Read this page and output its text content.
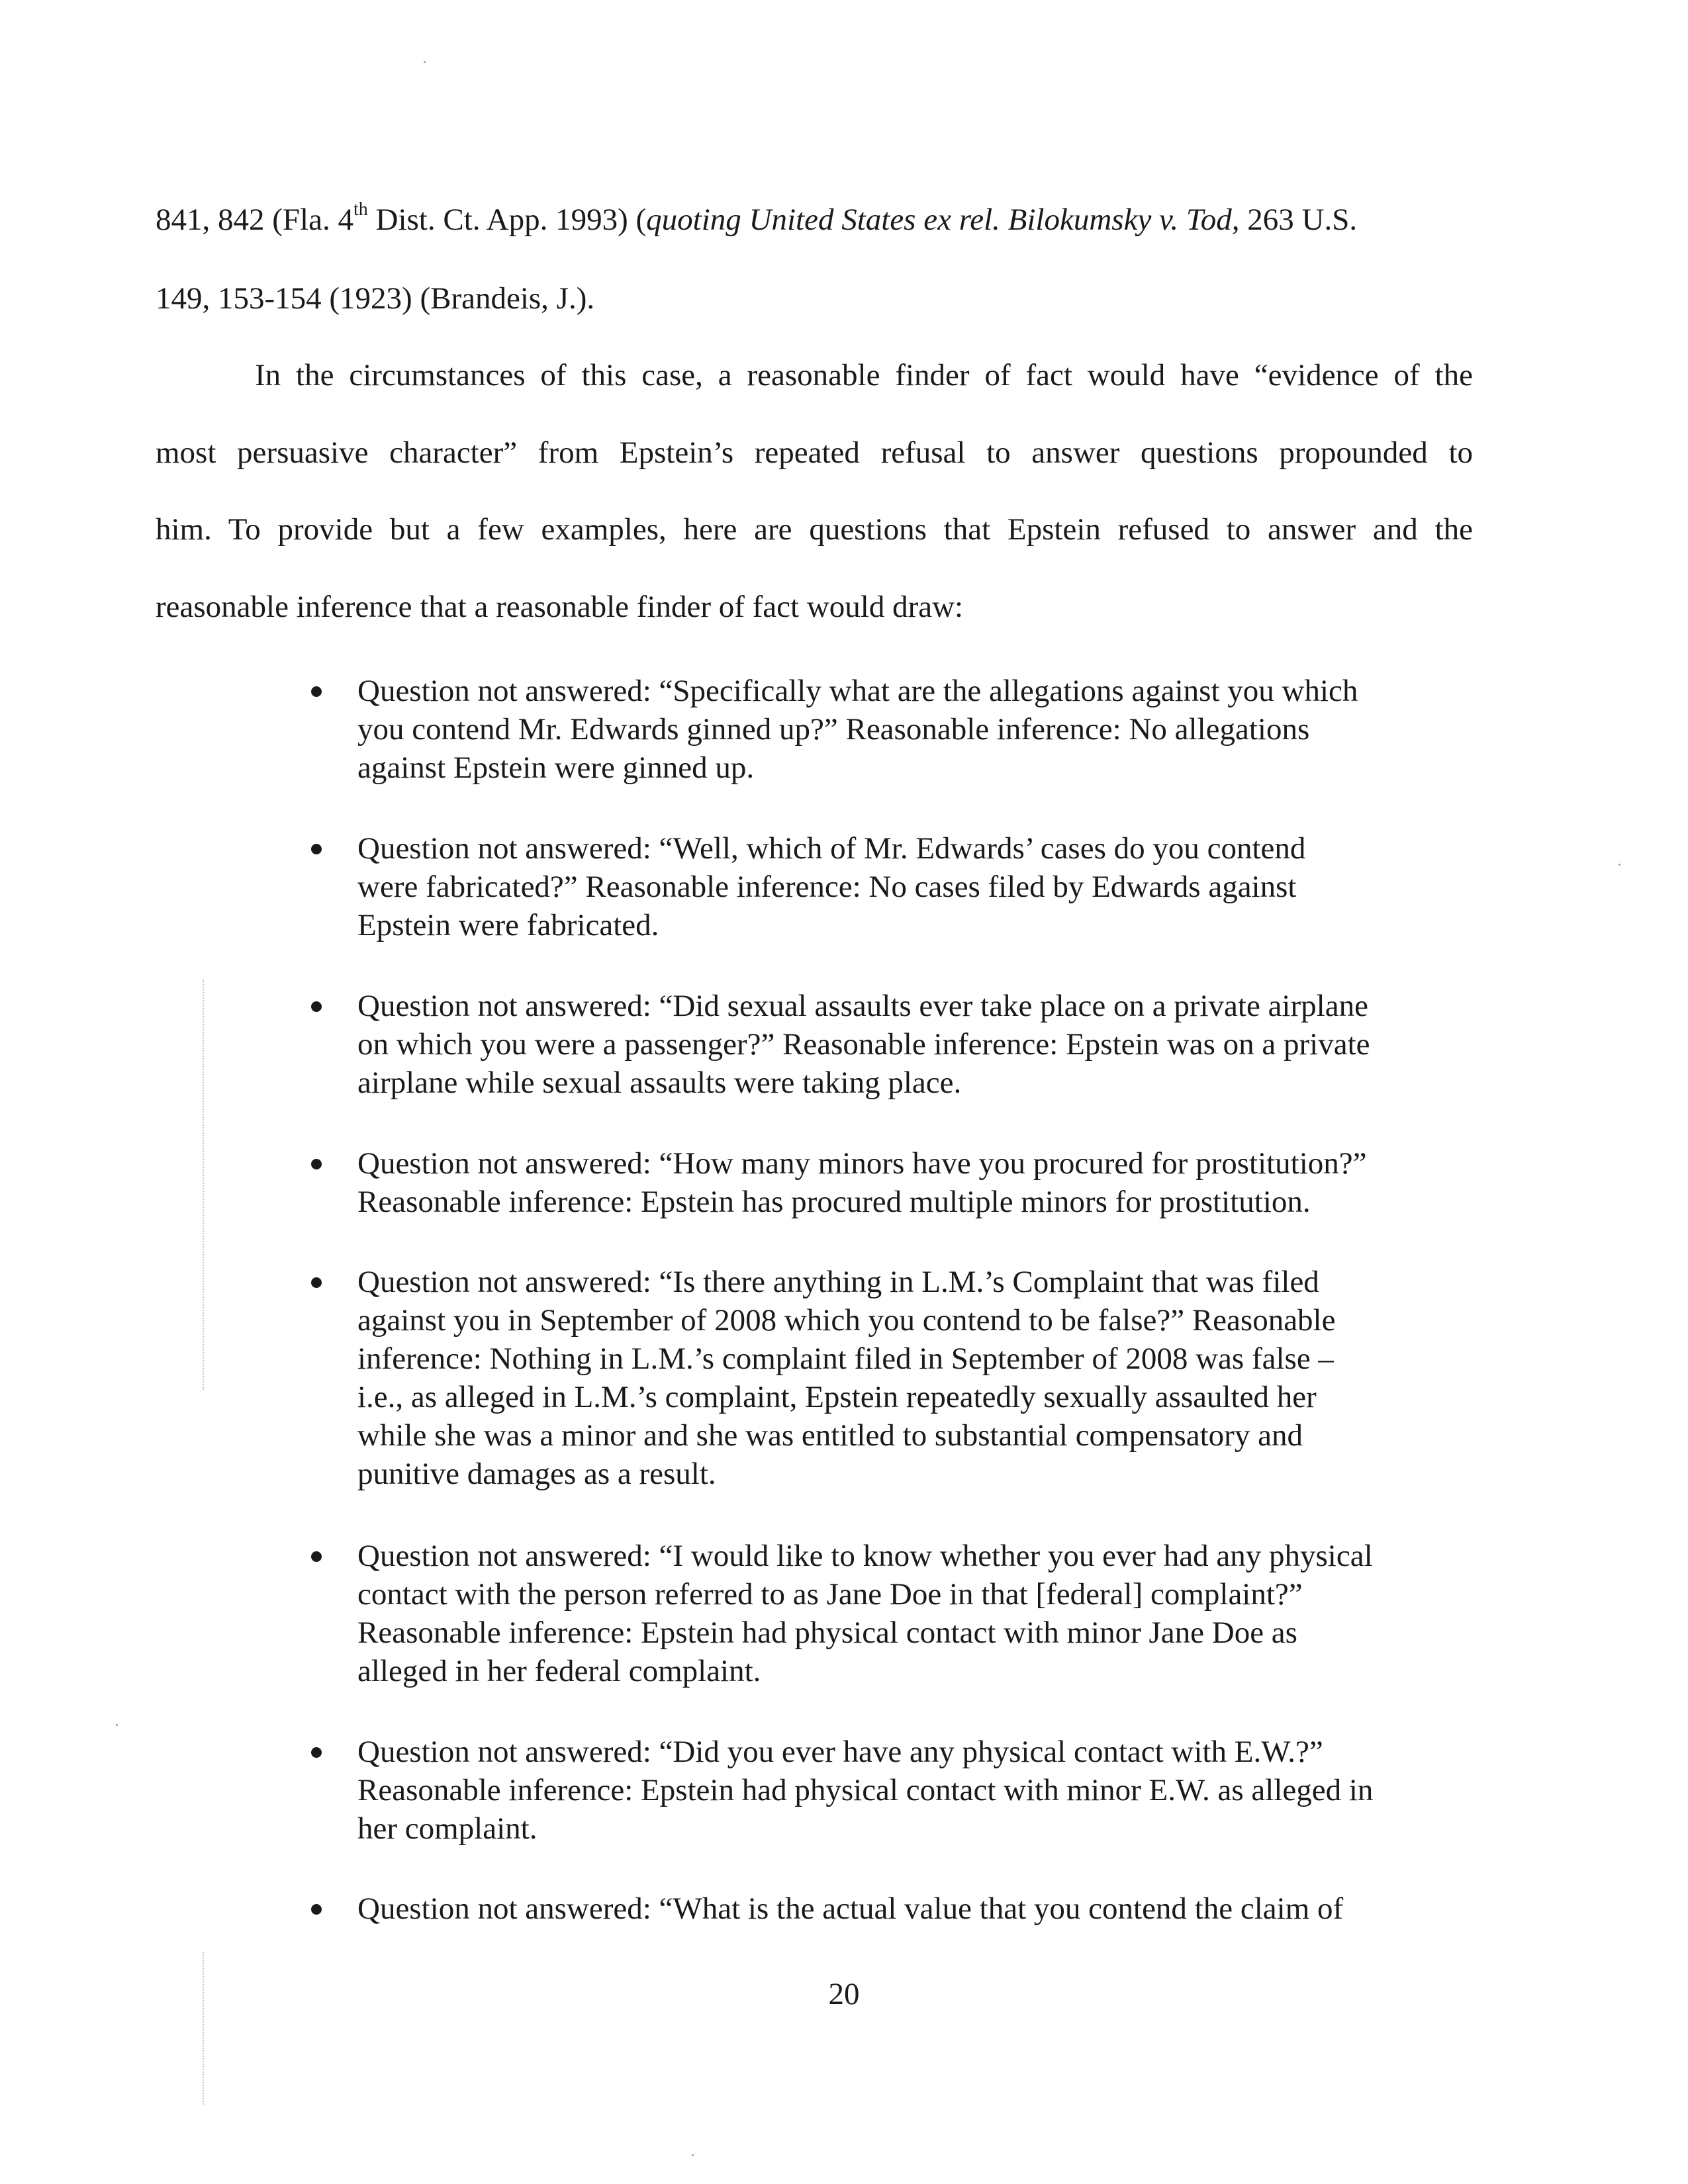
841, 842 (Fla. 4th Dist. Ct. App. 1993) (quoting United States ex rel. Bilokumsky v. Tod, 263 U.S.
149, 153-154 (1923) (Brandeis, J.).
In the circumstances of this case, a reasonable finder of fact would have “evidence of the
most persuasive character” from Epstein’s repeated refusal to answer questions propounded to
him. To provide but a few examples, here are questions that Epstein refused to answer and the
reasonable inference that a reasonable finder of fact would draw:
Question not answered: “Specifically what are the allegations against you which
you contend Mr. Edwards ginned up?” Reasonable inference: No allegations
against Epstein were ginned up.
Question not answered: “Well, which of Mr. Edwards’ cases do you contend
were fabricated?” Reasonable inference: No cases filed by Edwards against
Epstein were fabricated.
Question not answered: “Did sexual assaults ever take place on a private airplane
on which you were a passenger?” Reasonable inference: Epstein was on a private
airplane while sexual assaults were taking place.
Question not answered: “How many minors have you procured for prostitution?”
Reasonable inference: Epstein has procured multiple minors for prostitution.
Question not answered: “Is there anything in L.M.’s Complaint that was filed
against you in September of 2008 which you contend to be false?” Reasonable
inference: Nothing in L.M.’s complaint filed in September of 2008 was false –
i.e., as alleged in L.M.’s complaint, Epstein repeatedly sexually assaulted her
while she was a minor and she was entitled to substantial compensatory and
punitive damages as a result.
Question not answered: “I would like to know whether you ever had any physical
contact with the person referred to as Jane Doe in that [federal] complaint?”
Reasonable inference: Epstein had physical contact with minor Jane Doe as
alleged in her federal complaint.
Question not answered: “Did you ever have any physical contact with E.W.?”
Reasonable inference: Epstein had physical contact with minor E.W. as alleged in
her complaint.
Question not answered: “What is the actual value that you contend the claim of
20
